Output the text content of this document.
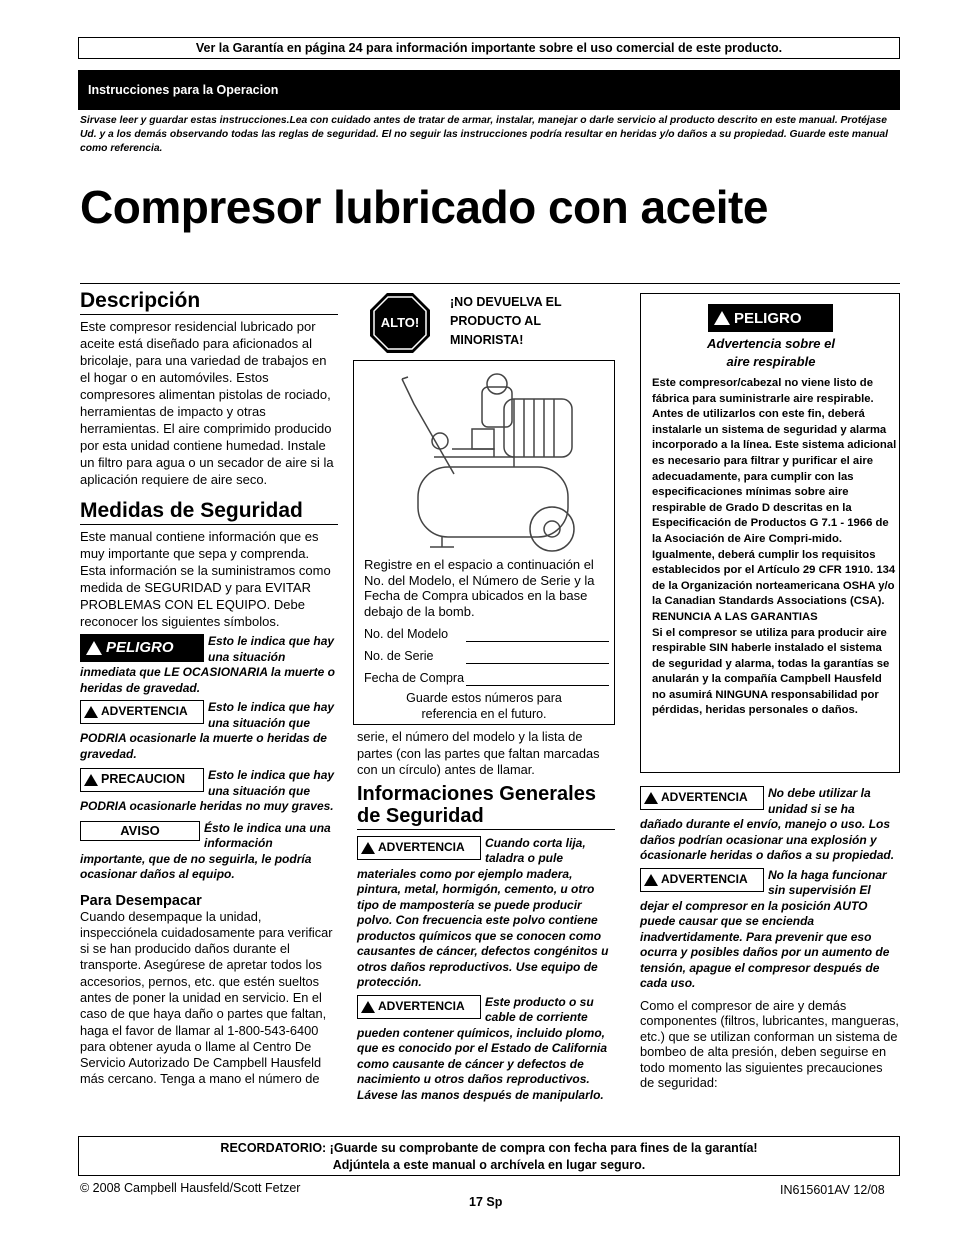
Ver la Garantía en página 24 para información importante sobre el uso comercial de este producto.
Instrucciones para la Operacion
Sirvase leer y guardar estas instrucciones.Lea con cuidado antes de tratar de armar, instalar, manejar o darle servicio al producto descrito en este manual. Protéjase Ud. y a los demás observando todas las reglas de seguridad. El no seguir las instrucciones podría resultar en heridas y/o daños a su propiedad. Guarde este manual como referencia.
Compresor lubricado con aceite
Descripción
Este compresor residencial lubricado por aceite está diseñado para aficionados al bricolaje, para una variedad de trabajos en el hogar o en automóviles. Estos compresores alimentan pistolas de rociado, herramientas de impacto y otras herramientas. El aire comprimido producido por esta unidad contiene humedad. Instale un filtro para agua o un secador de aire si la aplicación requiere de aire seco.
Medidas de Seguridad
Este manual contiene información que es muy importante que sepa y comprenda. Esta información se la suministramos como medida de SEGURIDAD y para EVITAR PROBLEMAS CON EL EQUIPO. Debe reconocer los siguientes símbolos.
PELIGRO	Esto le indica que hay una situación inmediata que LE OCASIONARIA la muerte o heridas de gravedad.
ADVERTENCIA Esto le indica que hay una situación que PODRIA ocasionarle la muerte o heridas de gravedad.
PRECAUCION Esto le indica que hay una situación que PODRIA ocasionarle heridas no muy graves.
AVISO	Ésto le indica una una información importante, que de no seguirla, le podría ocasionar daños al equipo.
Para Desempacar
Cuando desempaque la unidad, inspecciónela cuidadosamente para verificar si se han producido daños durante el transporte. Asegúrese de apretar todos los accesorios, pernos, etc. que estén sueltos antes de poner la unidad en servicio. En el caso de que haya daño o partes que faltan, haga el favor de llamar al 1-800-543-6400 para obtener ayuda o llame al Centro De Servicio Autorizado De Campbell Hausfeld más cercano. Tenga a mano el número de
ALTO!
¡NO DEVUELVA EL PRODUCTO AL MINORISTA!
Registre en el espacio a continuación el No. del Modelo, el Número de Serie y la Fecha de Compra ubicados en la base debajo de la bomb.
No. del Modelo
No. de Serie
Fecha de Compra
Guarde estos números para referencia en el futuro.
serie, el número del modelo y la lista de partes (con las partes que faltan marcadas con un círculo) antes de llamar.
Informaciones Generales de Seguridad
ADVERTENCIA Cuando corta lija, taladra o pule materiales como por ejemplo madera, pintura, metal, hormigón, cemento, u otro tipo de mampostería se puede producir polvo. Con frecuencia este polvo contiene productos químicos que se conocen como causantes de cáncer, defectos congénitos u otros daños reproductivos. Use equipo de protección.
ADVERTENCIA Este producto o su cable de corriente pueden contener químicos, incluido plomo, que es conocido por el Estado de California como causante de cáncer y defectos de nacimiento u otros daños reproductivos. Lávese las manos después de manipularlo.
PELIGRO
Advertencia sobre el aire respirable
Este compresor/cabezal no viene listo de fábrica para suministrarle aire respirable. Antes de utilizarlos con este fin, deberá instalarle un sistema de seguridad y alarma incorporado a la línea. Este sistema adicional es necesario para filtrar y purificar el aire adecuadamente, para cumplir con las especificaciones mínimas sobre aire respirable de Grado D descritas en la Especificación de Productos G 7.1 - 1966 de la Asociación de Aire Compri-mido. Igualmente, deberá cumplir los requisitos establecidos por el Artículo 29 CFR 1910. 134 de la Organización norteamericana OSHA y/o la Canadian Standards Associations (CSA).
RENUNCIA A LAS GARANTIAS
Si el compresor se utiliza para producir aire respirable SIN haberle instalado el sistema de seguridad y alarma, todas la garantías se anularán y la compañía Campbell Hausfeld no asumirá NINGUNA responsabilidad por pérdidas, heridas personales o daños.
ADVERTENCIA No debe utilizar la unidad si se ha dañado durante el envío, manejo o uso. Los daños podrían ocasionar una explosión y ócasionarle heridas o daños a su propiedad.
ADVERTENCIA No la haga funcionar sin supervisión El dejar el compresor en la posición AUTO puede causar que se encienda inadvertidamente. Para prevenir que eso ocurra y posibles daños por un aumento de tensión, apague el compresor después de cada uso.
Como el compresor de aire y demás componentes (filtros, lubricantes, mangueras, etc.) que se utilizan conforman un sistema de bombeo de alta presión, deben seguirse en todo momento las siguientes precauciones de seguridad:
RECORDATORIO: ¡Guarde su comprobante de compra con fecha para fines de la garantía!
Adjúntela a este manual o archívela en lugar seguro.
© 2008 Campbell Hausfeld/Scott Fetzer
17 Sp
IN615601AV 12/08
